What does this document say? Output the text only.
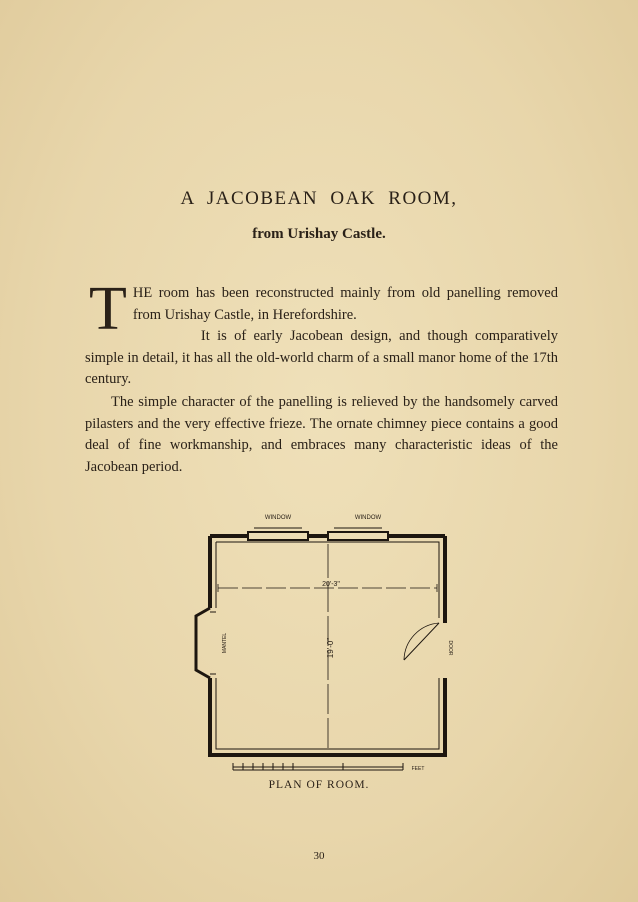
A JACOBEAN OAK ROOM,
from Urishay Castle.
T HE room has been reconstructed mainly from old panelling removed from Urishay Castle, in Herefordshire.
It is of early Jacobean design, and though comparatively simple in detail, it has all the old-world charm of a small manor home of the 17th century.
The simple character of the panelling is relieved by the handsomely carved pilasters and the very effective frieze. The ornate chimney piece contains a good deal of fine workmanship, and embraces many characteristic ideas of the Jacobean period.
WINDOW	WINDOW
20'-3"
19'-0"
MANTEL	DOOR
FEET
PLAN OF ROOM.
30
